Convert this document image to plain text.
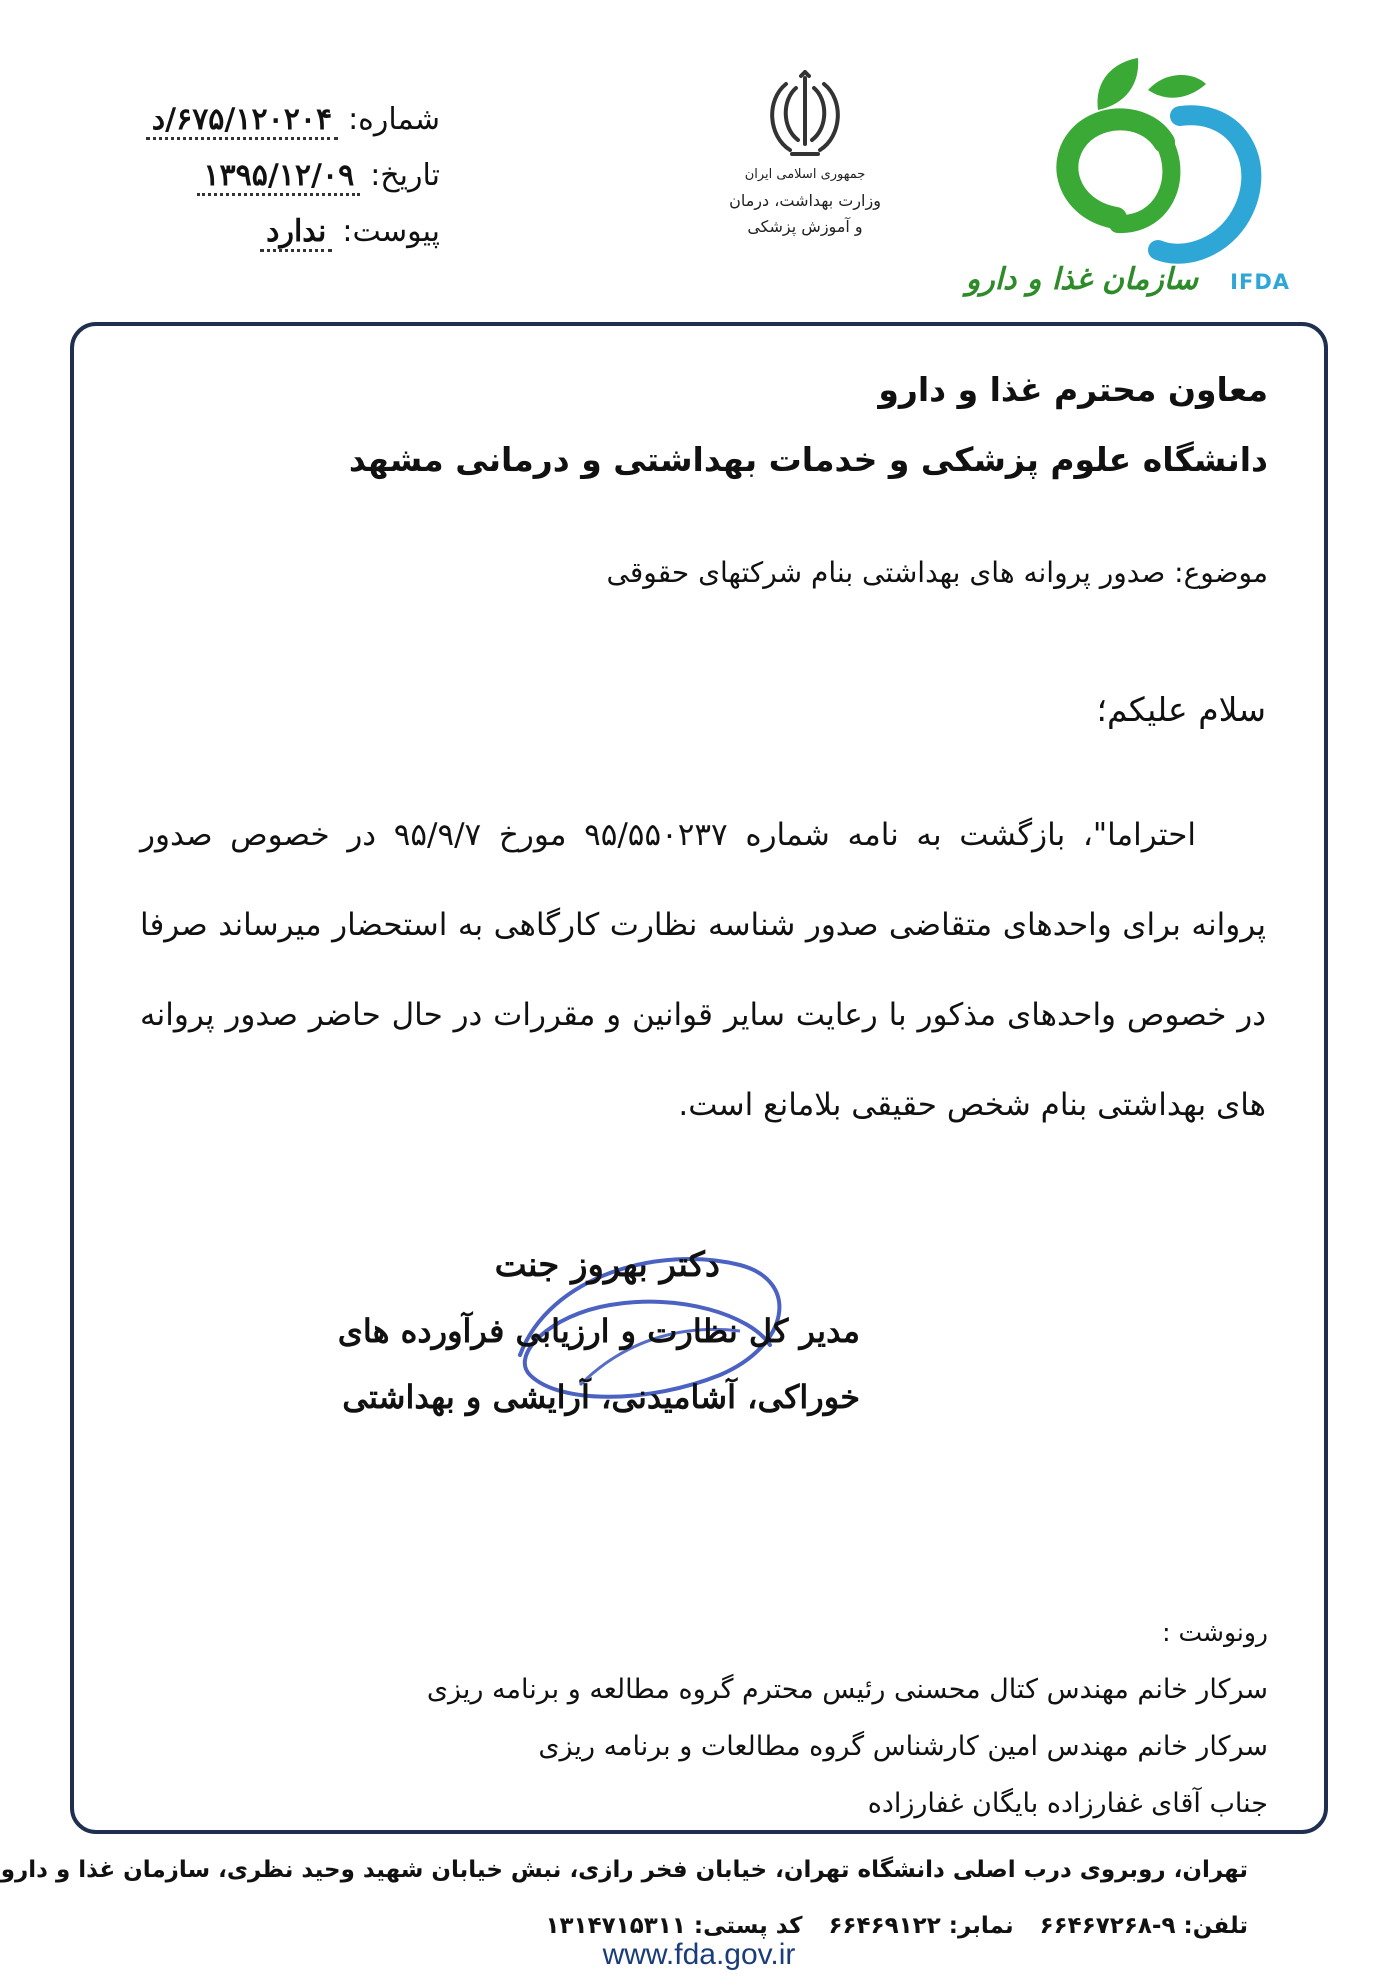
شماره:۶۷۵/۱۲۰۲۰۴/د
تاریخ:۱۳۹۵/۱۲/۰۹
پیوست:ندارد
جمهوری اسلامی ایران
وزارت بهداشت، درمان
و آموزش پزشکی
سازمان غذا و دارو IFDA
معاون محترم غذا و دارو
دانشگاه علوم پزشکی و خدمات بهداشتی و درمانی مشهد
موضوع: صدور پروانه های بهداشتی بنام شرکتهای حقوقی
سلام علیکم؛

احتراما"، بازگشت به نامه شماره ۹۵/۵۵۰۲۳۷ مورخ ۹۵/۹/۷ در خصوص صدور پروانه برای واحدهای متقاضی صدور شناسه نظارت کارگاهی به استحضار میرساند صرفا در خصوص واحدهای مذکور با رعایت سایر قوانین و مقررات در حال حاضر صدور پروانه های بهداشتی بنام شخص حقیقی بلامانع است.

دکتر بهروز جنت
مدیر کل نظارت و ارزیابی فرآورده های
خوراکی، آشامیدنی، آرایشی و بهداشتی
رونوشت :
سرکار خانم مهندس کتال محسنی رئیس محترم گروه مطالعه و برنامه ریزی
سرکار خانم مهندس امین کارشناس گروه مطالعات و برنامه ریزی
جناب آقای غفارزاده بایگان غفارزاده
تهران، روبروی درب اصلی دانشگاه تهران، خیابان فخر رازی، نبش خیابان شهید وحید نظری، سازمان غذا و دارو
تلفن: ۹-۶۶۴۶۷۲۶۸نمابر: ۶۶۴۶۹۱۲۲کد پستی: ۱۳۱۴۷۱۵۳۱۱
www.fda.gov.ir
